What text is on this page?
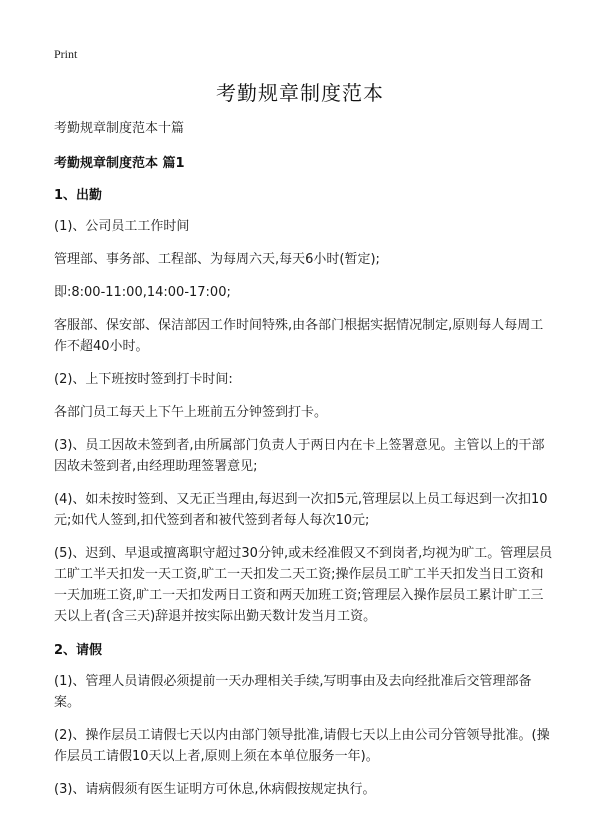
Print
考勤规章制度范本

考勤规章制度范本十篇

考勤规章制度范本 篇1

1、出勤

(1)、公司员工工作时间

管理部、事务部、工程部、为每周六天,每天6小时(暂定);

即:8:00-11:00,14:00-17:00;

客服部、保安部、保洁部因工作时间特殊,由各部门根据实据情况制定,原则每人每周工作不超40小时。

(2)、上下班按时签到打卡时间:

各部门员工每天上下午上班前五分钟签到打卡。

(3)、员工因故未签到者,由所属部门负责人于两日内在卡上签署意见。主管以上的干部因故未签到者,由经理助理签署意见;

(4)、如未按时签到、又无正当理由,每迟到一次扣5元,管理层以上员工每迟到一次扣10元;如代人签到,扣代签到者和被代签到者每人每次10元;

(5)、迟到、早退或擅离职守超过30分钟,或未经准假又不到岗者,均视为旷工。管理层员工旷工半天扣发一天工资,旷工一天扣发二天工资;操作层员工旷工半天扣发当日工资和一天加班工资,旷工一天扣发两日工资和两天加班工资;管理层入操作层员工累计旷工三天以上者(含三天)辞退并按实际出勤天数计发当月工资。

2、请假

(1)、管理人员请假必须提前一天办理相关手续,写明事由及去向经批准后交管理部备案。

(2)、操作层员工请假七天以内由部门领导批准,请假七天以上由公司分管领导批准。(操作层员工请假10天以上者,原则上须在本单位服务一年)。

(3)、请病假须有医生证明方可休息,休病假按规定执行。
